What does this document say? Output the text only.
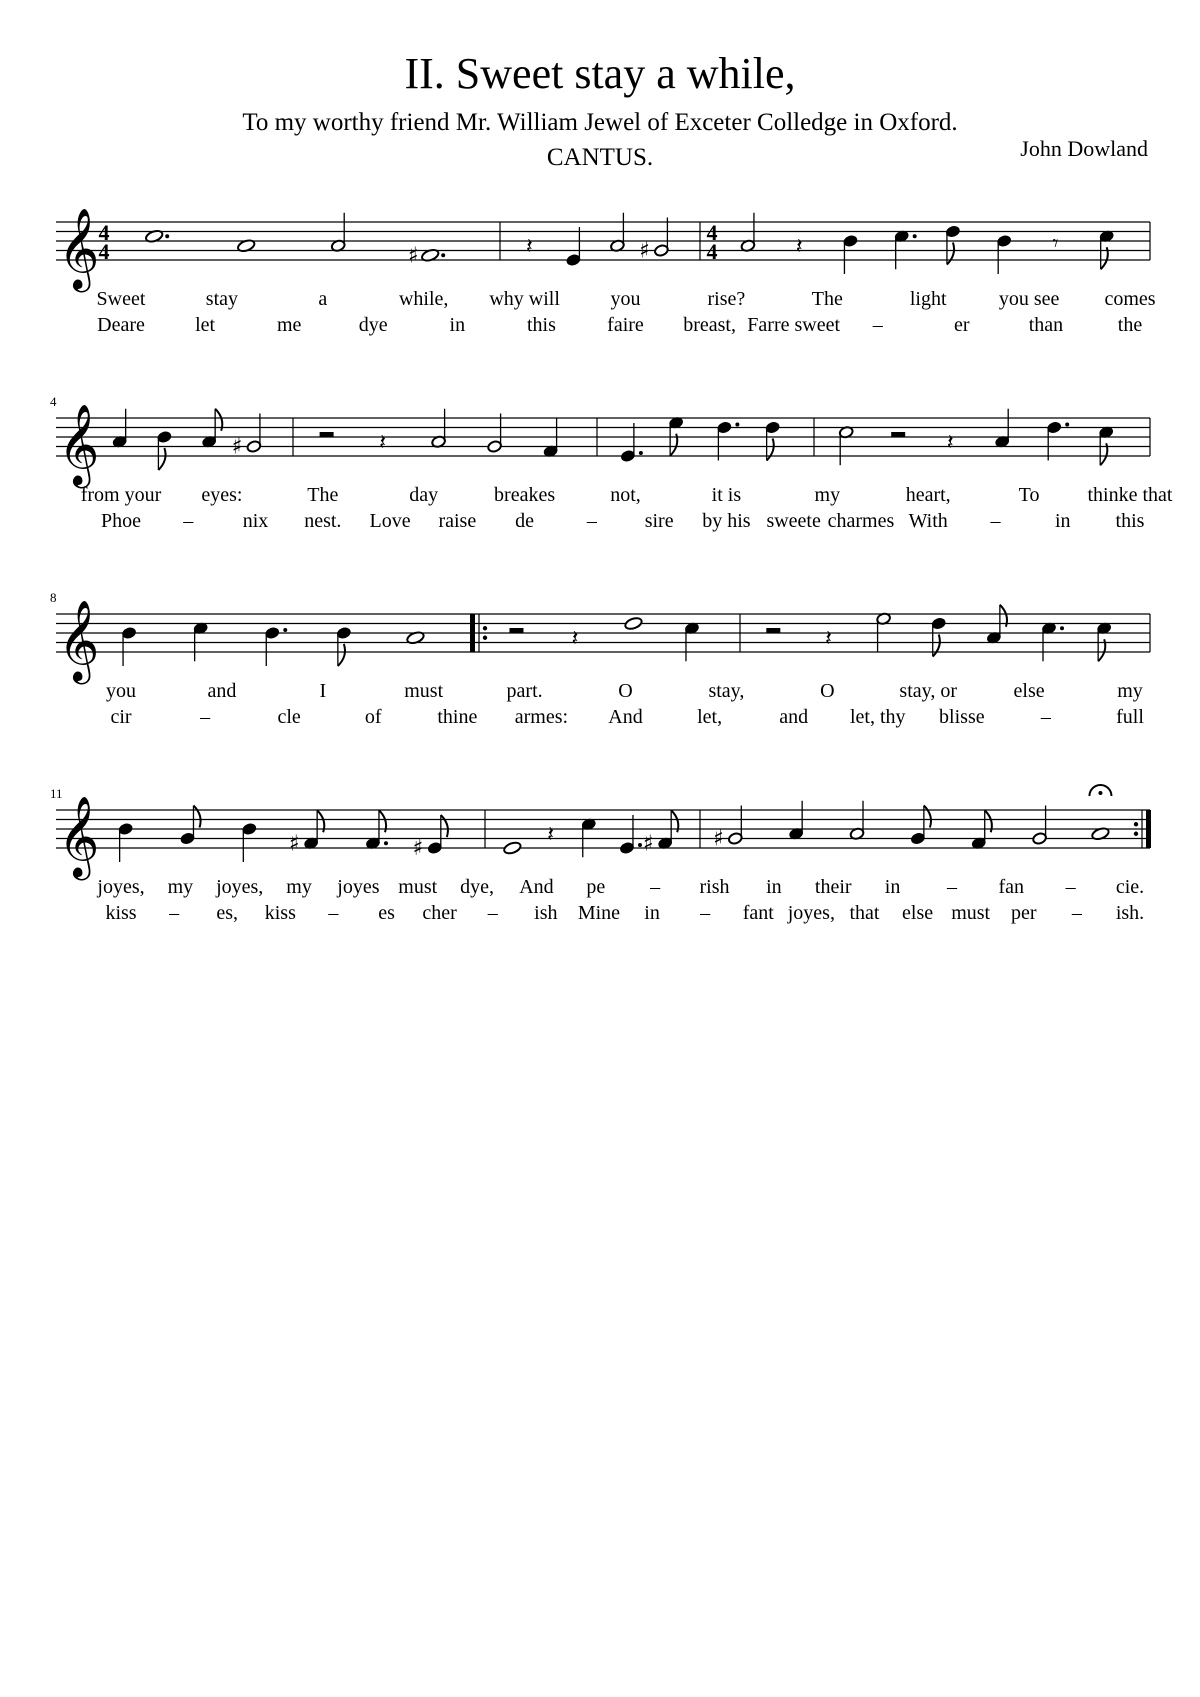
II. Sweet stay a while,
To my worthy friend Mr. William Jewel of Exceter Colledge in Oxford.
CANTUS.	John Dowland
𝄞 4
4	♯	𝄽	♯
4
4	𝄽	𝄾
Sweet	stay	a	while, why will	you	rise?	The	light	you see comes
Deare	let	me	dye	in	this	faire breast, Farre sweet –	er	than	the
𝄞
4
♯	𝄽	𝄽
from your eyes:	The	day	breakes	not,	it is	my	heart,	To thinke that
Phoe – nix nest. Love raise de	– sire by his sweete charmes With –	in this
𝄞
8
𝄽	𝄽
you	and	I	must	part.	O	stay,	O	stay, or	else	my
cir	–	cle	of	thine armes: And	let,	and let, thy blisse	–	full
𝄞
11
♯	♯
𝄽	♯	♯
joyes, my joyes, my joyes must dye, And pe – rish in their in – fan – cie.
kiss – es, kiss – es cher – ish Mine in – fant joyes, that else must per – ish.
